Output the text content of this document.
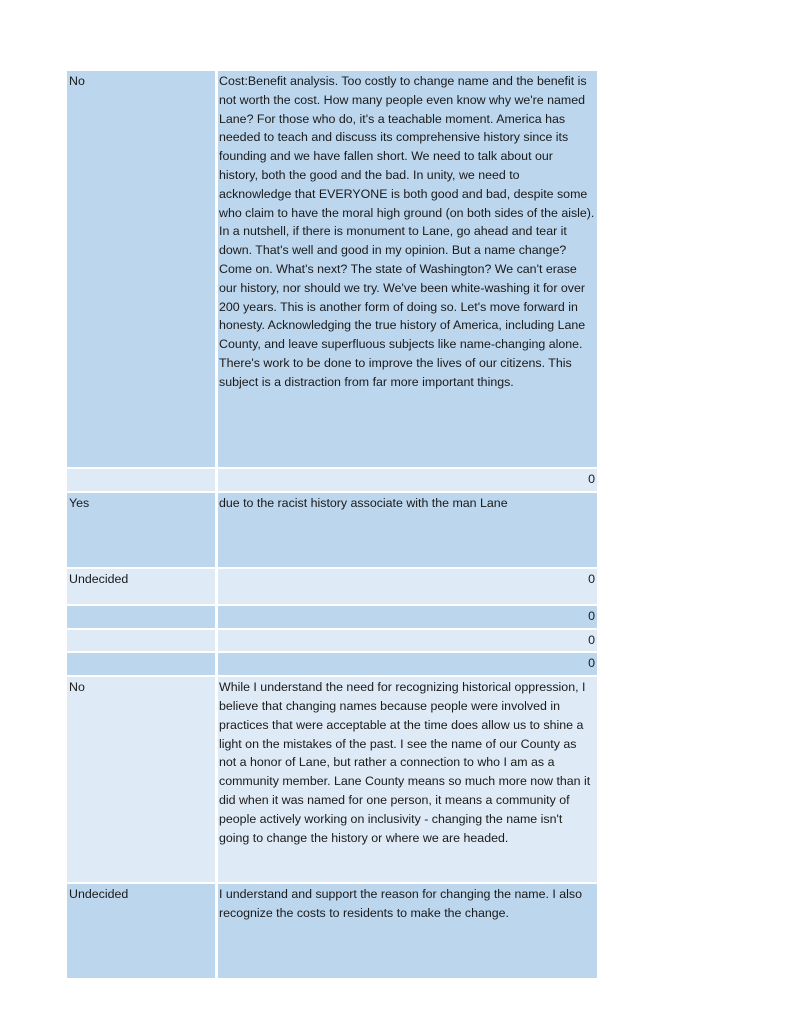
No	Cost:Benefit analysis. Too costly to change name and the benefit is not worth the cost. How many people even know why we're named Lane? For those who do, it's a teachable moment. America has needed to teach and discuss its comprehensive history since its founding and we have fallen short. We need to talk about our history, both the good and the bad. In unity, we need to acknowledge that EVERYONE is both good and bad, despite some who claim to have the moral high ground (on both sides of the aisle). In a nutshell, if there is monument to Lane, go ahead and tear it down. That's well and good in my opinion. But a name change? Come on. What's next? The state of Washington? We can't erase our history, nor should we try. We've been white-washing it for over 200 years. This is another form of doing so. Let's move forward in honesty. Acknowledging the true history of America, including Lane County, and leave superfluous subjects like name-changing alone. There's work to be done to improve the lives of our citizens. This subject is a distraction from far more important things.
	0
Yes	due to the racist history associate with the man Lane
Undecided	0
	0
	0
	0
No	While I understand the need for recognizing historical oppression, I believe that changing names because people were involved in practices that were acceptable at the time does allow us to shine a light on the mistakes of the past. I see the name of our County as not a honor of Lane, but rather a connection to who I am as a community member. Lane County means so much more now than it did when it was named for one person, it means a community of people actively working on inclusivity - changing the name isn't going to change the history or where we are headed.
Undecided	I understand and support the reason for changing the name. I also recognize the costs to residents to make the change.
